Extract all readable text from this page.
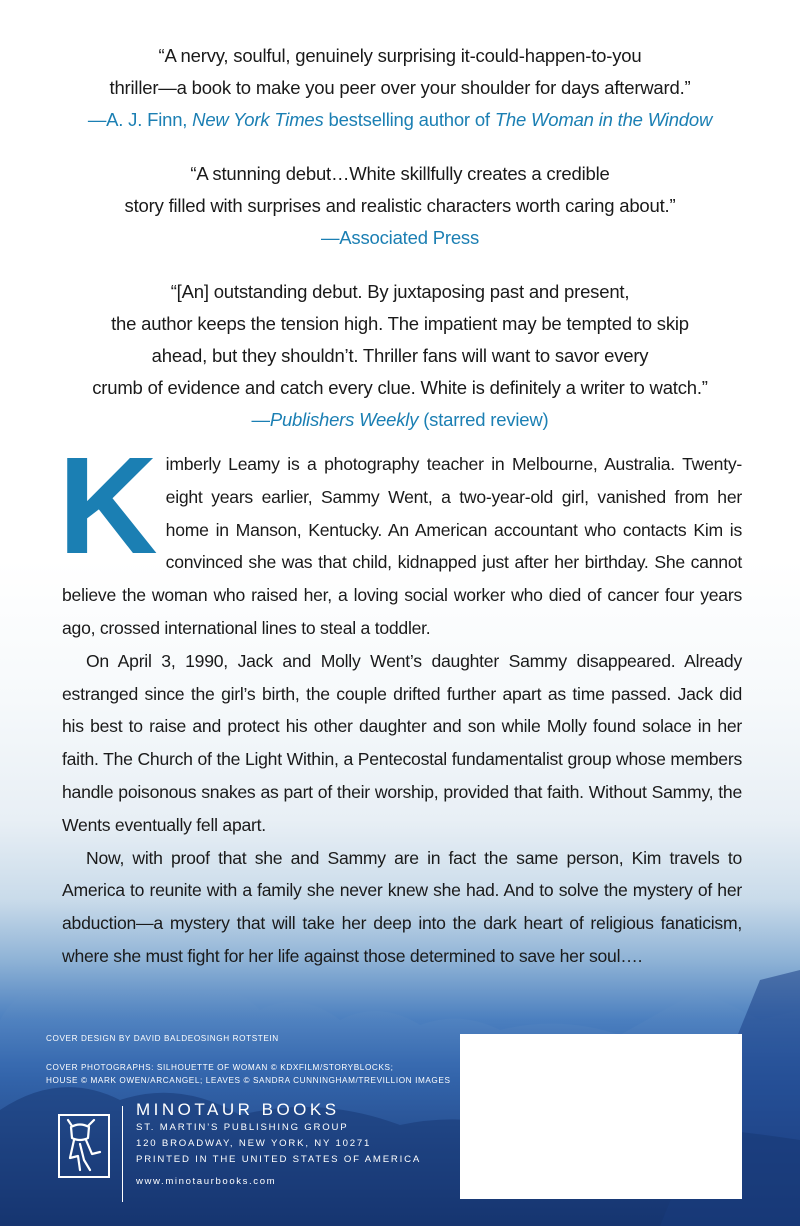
“A nervy, soulful, genuinely surprising it-could-happen-to-you
thriller—a book to make you peer over your shoulder for days afterward.”
—A. J. Finn, New York Times bestselling author of The Woman in the Window
“A stunning debut…White skillfully creates a credible
story filled with surprises and realistic characters worth caring about.”
—Associated Press
“[An] outstanding debut. By juxtaposing past and present,
the author keeps the tension high. The impatient may be tempted to skip
ahead, but they shouldn’t. Thriller fans will want to savor every
crumb of evidence and catch every clue. White is definitely a writer to watch.”
—Publishers Weekly (starred review)

Kimberly Leamy is a photography teacher in Melbourne, Australia. Twenty-eight years earlier, Sammy Went, a two-year-old girl, vanished from her home in Manson, Kentucky. An American accountant who contacts Kim is convinced she was that child, kidnapped just after her birthday. She cannot believe the woman who raised her, a loving social worker who died of cancer four years ago, crossed international lines to steal a toddler.

On April 3, 1990, Jack and Molly Went’s daughter Sammy disappeared. Already estranged since the girl’s birth, the couple drifted further apart as time passed. Jack did his best to raise and protect his other daughter and son while Molly found solace in her faith. The Church of the Light Within, a Pentecostal fundamentalist group whose members handle poisonous snakes as part of their worship, provided that faith. Without Sammy, the Wents eventually fell apart.

Now, with proof that she and Sammy are in fact the same person, Kim travels to America to reunite with a family she never knew she had. And to solve the mystery of her abduction—a mystery that will take her deep into the dark heart of religious fanaticism, where she must fight for her life against those determined to save her soul….

COVER DESIGN BY DAVID BALDEOSINGH ROTSTEIN
COVER PHOTOGRAPHS: SILHOUETTE OF WOMAN © KDXFILM/STORYBLOCKS;
HOUSE © MARK OWEN/ARCANGEL; LEAVES © SANDRA CUNNINGHAM/TREVILLION IMAGES
MINOTAUR BOOKS
ST. MARTIN’S PUBLISHING GROUP
120 BROADWAY, NEW YORK, NY 10271
PRINTED IN THE UNITED STATES OF AMERICA
www.minotaurbooks.com
